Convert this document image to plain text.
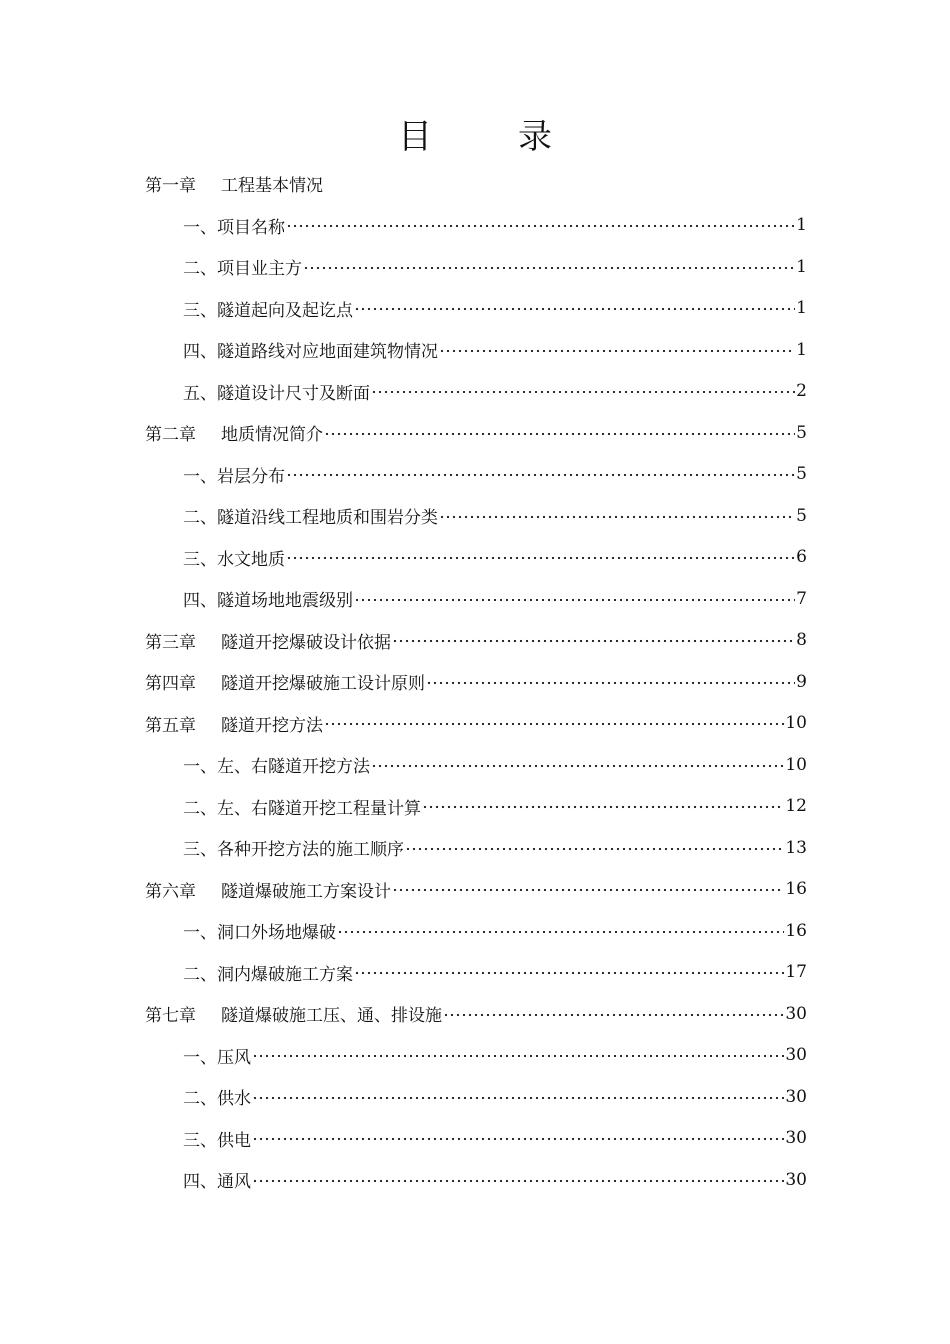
目	录
第一章	工程基本情况
一、 项目名称	1
二、 项目业主方	1
三、 隧道起向及起讫点	1
四、 隧道路线对应地面建筑物情况	1
五、 隧道设计尺寸及断面	2
第二章	地质情况简介	5
一、 岩层分布	5
二、 隧道沿线工程地质和围岩分类	5
三、 水文地质	6
四、 隧道场地地震级别	7
第三章	隧道开挖爆破设计依据	8
第四章	隧道开挖爆破施工设计原则	9
第五章	隧道开挖方法	10
一、 左、右隧道开挖方法	10
二、 左、右隧道开挖工程量计算	12
三、 各种开挖方法的施工顺序	13
第六章	隧道爆破施工方案设计	16
一、 洞口外场地爆破	16
二、 洞内爆破施工方案	17
第七章	隧道爆破施工压、通、排设施	30
一、 压风	30
二、 供水	30
三、 供电	30
四、 通风	30
